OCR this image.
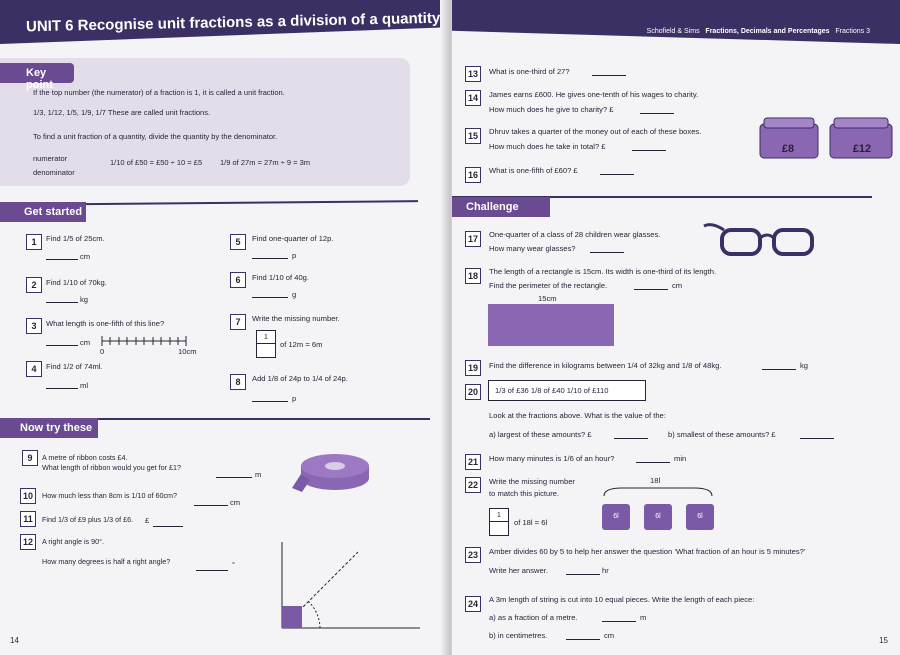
UNIT 6 Recognise unit fractions as a division of a quantity
Key point
If the top number (the numerator) of a fraction is 1, it is called a unit fraction.
1/3, 1/12, 1/5, 1/9, 1/7 These are called unit fractions.
To find a unit fraction of a quantity, divide the quantity by the denominator.
numerator
denominator
1/10 of £50 = £50 ÷ 10 = £5 1/9 of 27m = 27m ÷ 9 = 3m
Get started
1	Find 1/5 of 25cm.
cm
2	Find 1/10 of 70kg.
kg
3	What length is one-fifth of this line?
cm
0	10cm
4	Find 1/2 of 74ml.
ml
5	Find one-quarter of 12p.
p
6	Find 1/10 of 40g.
g
7	Write the missing number.
1
of 12m = 6m
8	Add 1/8 of 24p to 1/4 of 24p.
p
Now try these
9	A metre of ribbon costs £4.
What length of ribbon would you get for £1?
m
10	How much less than 8cm is 1/10 of 60cm?
cm
11	Find 1/3 of £9 plus 1/3 of £6. £
12	A right angle is 90°.
How many degrees is half a right angle?	°
14
Schofield & Sims Fractions, Decimals and Percentages Fractions 3
13	What is one-third of 27?
14	James earns £600. He gives one-tenth of his wages to charity.
How much does he give to charity? £
15	Dhruv takes a quarter of the money out of each of these boxes.
How much does he take in total? £	£8	£12
16	What is one-fifth of £60? £
Challenge
17	One-quarter of a class of 28 children wear glasses.
How many wear glasses?
18	The length of a rectangle is 15cm. Its width is one-third of its length.
Find the perimeter of the rectangle.	cm
15cm
19	Find the difference in kilograms between 1/4 of 32kg and 1/8 of 48kg.	kg
20	1/3 of £36 1/8 of £40 1/10 of £110
Look at the fractions above. What is the value of the:
a) largest of these amounts? £	b) smallest of these amounts? £
21	How many minutes is 1/6 of an hour?	min
22	Write the missing number
to match this picture.
1
of 18l = 6l
18l
6l	6l	6l
23	Amber divides 60 by 5 to help her answer the question ‘What fraction of an hour is 5 minutes?’
Write her answer.	hr
24	A 3m length of string is cut into 10 equal pieces. Write the length of each piece:
a) as a fraction of a metre.	m
b) in centimetres.	cm
15
